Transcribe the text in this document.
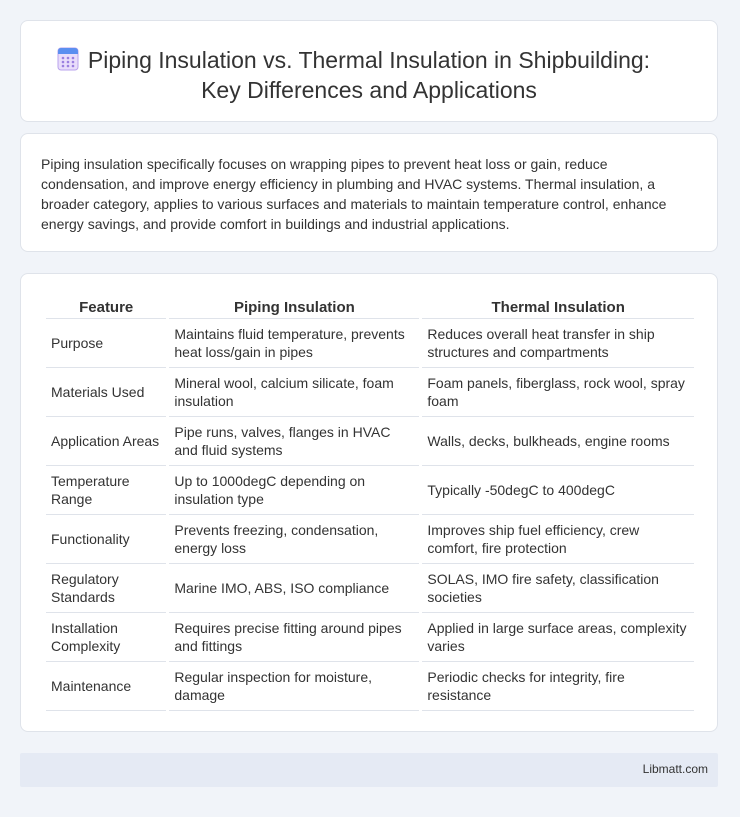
Piping Insulation vs. Thermal Insulation in Shipbuilding:
Key Differences and Applications
Piping insulation specifically focuses on wrapping pipes to prevent heat loss or gain, reduce condensation, and improve energy efficiency in plumbing and HVAC systems. Thermal insulation, a broader category, applies to various surfaces and materials to maintain temperature control, enhance energy savings, and provide comfort in buildings and industrial applications.
Feature	Piping Insulation	Thermal Insulation
Purpose	Maintains fluid temperature, prevents heat loss/gain in pipes	Reduces overall heat transfer in ship structures and compartments
Materials Used	Mineral wool, calcium silicate, foam insulation	Foam panels, fiberglass, rock wool, spray foam
Application Areas	Pipe runs, valves, flanges in HVAC and fluid systems	Walls, decks, bulkheads, engine rooms
Temperature Range	Up to 1000degC depending on insulation type	Typically -50degC to 400degC
Functionality	Prevents freezing, condensation, energy loss	Improves ship fuel efficiency, crew comfort, fire protection
Regulatory Standards	Marine IMO, ABS, ISO compliance	SOLAS, IMO fire safety, classification societies
Installation Complexity	Requires precise fitting around pipes and fittings	Applied in large surface areas, complexity varies
Maintenance	Regular inspection for moisture, damage	Periodic checks for integrity, fire resistance
Libmatt.com
